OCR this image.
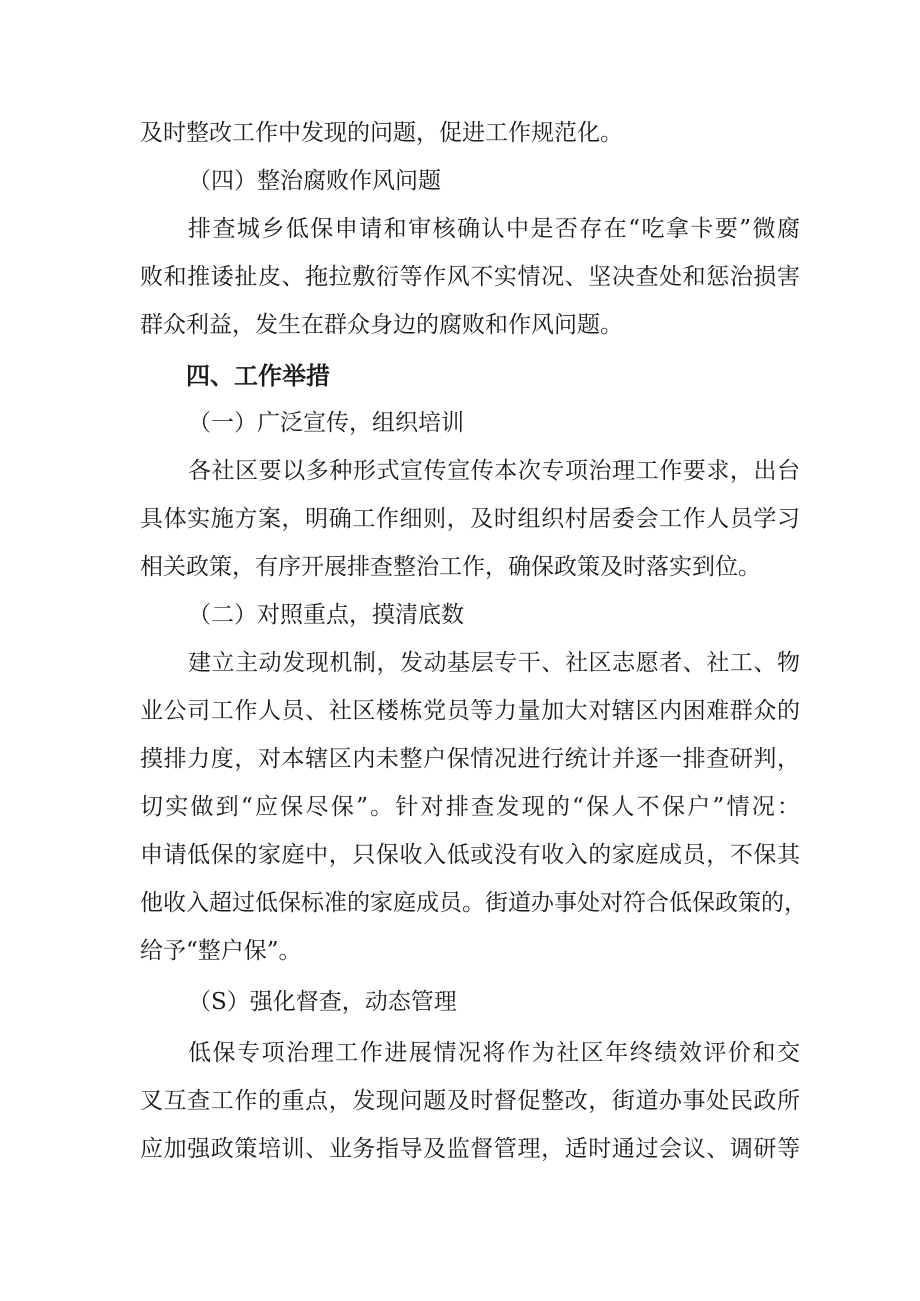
及时整改工作中发现的问题，促进工作规范化。

（四）整治腐败作风问题

排查城乡低保申请和审核确认中是否存在“吃拿卡要”微腐

败和推诿扯皮、拖拉敷衍等作风不实情况、坚决查处和惩治损害

群众利益，发生在群众身边的腐败和作风问题。

四、工作举措

（一）广泛宣传，组织培训

各社区要以多种形式宣传宣传本次专项治理工作要求，出台

具体实施方案，明确工作细则，及时组织村居委会工作人员学习

相关政策，有序开展排查整治工作，确保政策及时落实到位。

（二）对照重点，摸清底数

建立主动发现机制，发动基层专干、社区志愿者、社工、物

业公司工作人员、社区楼栋党员等力量加大对辖区内困难群众的

摸排力度，对本辖区内未整户保情况进行统计并逐一排查研判，

切实做到“应保尽保”。针对排查发现的“保人不保户”情况：

申请低保的家庭中，只保收入低或没有收入的家庭成员，不保其

他收入超过低保标准的家庭成员。街道办事处对符合低保政策的，

给予“整户保”。

（S）强化督查，动态管理

低保专项治理工作进展情况将作为社区年终绩效评价和交

叉互查工作的重点，发现问题及时督促整改，街道办事处民政所

应加强政策培训、业务指导及监督管理，适时通过会议、调研等
